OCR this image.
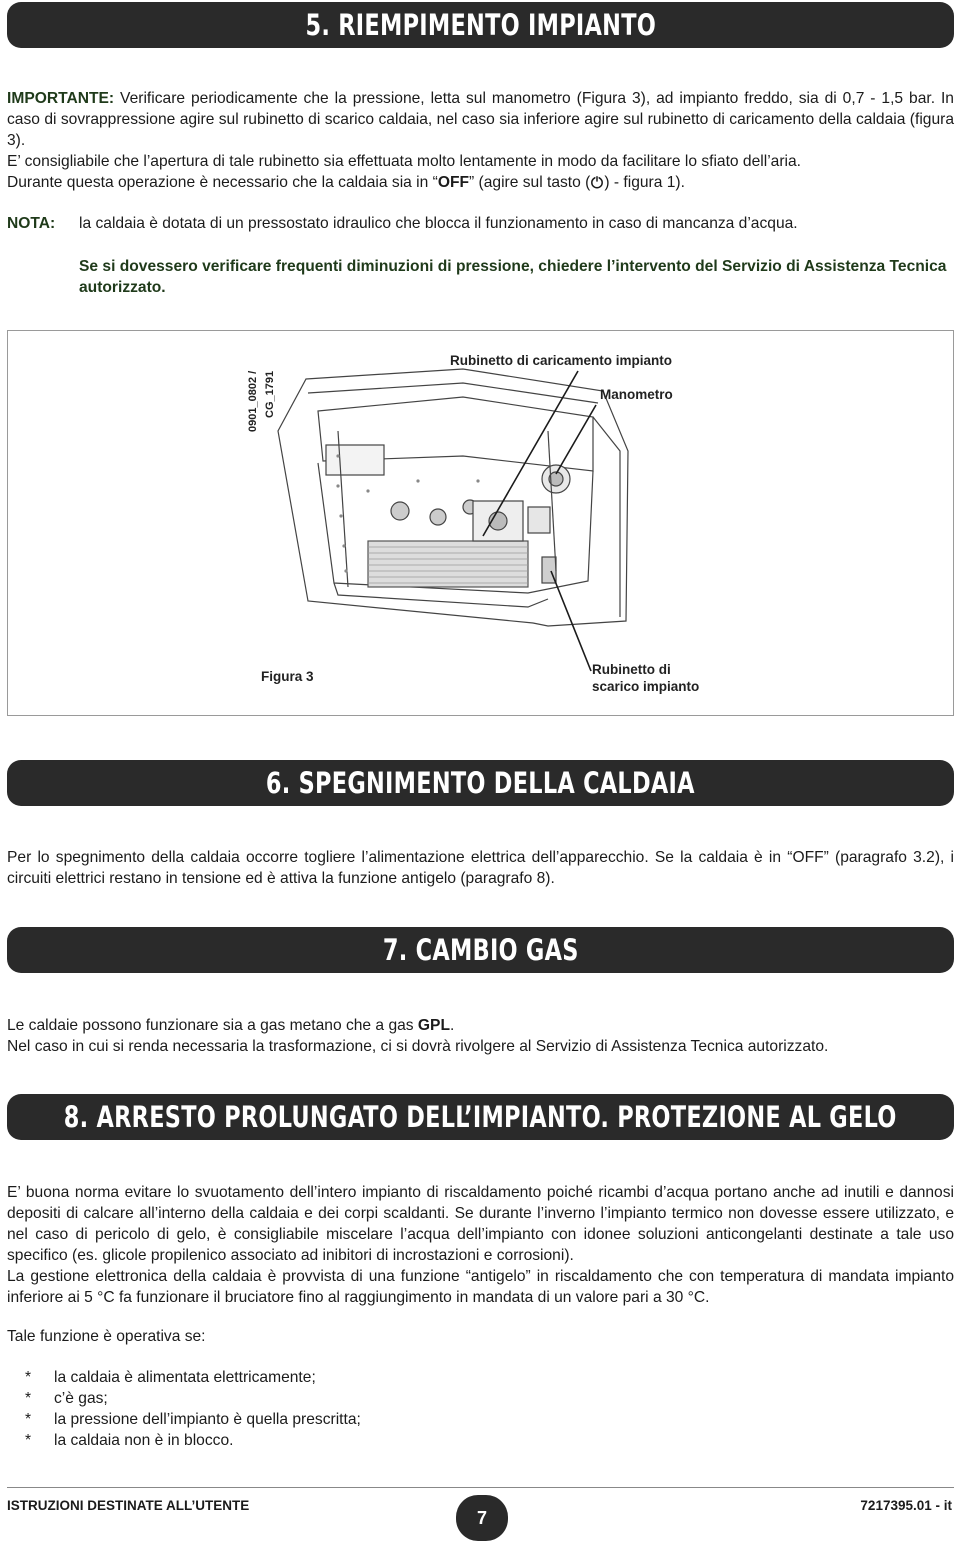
5. RIEMPIMENTO IMPIANTO

IMPORTANTE: Verificare periodicamente che la pressione, letta sul manometro (Figura 3), ad impianto freddo, sia di 0,7 - 1,5 bar. In caso di sovrappressione agire sul rubinetto di scarico caldaia, nel caso sia inferiore agire sul rubinetto di caricamento della caldaia (figura 3).

E’ consigliabile che l’apertura di tale rubinetto sia effettuata molto lentamente in modo da facilitare lo sfiato dell’aria.

Durante questa operazione è necessario che la caldaia sia in “OFF” (agire sul tasto ( ) - figura 1).

NOTA: la caldaia è dotata di un pressostato idraulico che blocca il funzionamento in caso di mancanza d’acqua.
Se si dovessero verificare frequenti diminuzioni di pressione, chiedere l’intervento del Servizio di Assistenza Tecnica autorizzato.
0901_0802 / CG_1791
Rubinetto di caricamento impianto
Manometro
Figura 3	Rubinetto di
scarico impianto
6. SPEGNIMENTO DELLA CALDAIA

Per lo spegnimento della caldaia occorre togliere l’alimentazione elettrica dell’apparecchio. Se la caldaia è in “OFF” (paragrafo 3.2), i circuiti elettrici restano in tensione ed è attiva la funzione antigelo (paragrafo 8).

7. CAMBIO GAS

Le caldaie possono funzionare sia a gas metano che a gas GPL.

Nel caso in cui si renda necessaria la trasformazione, ci si dovrà rivolgere al Servizio di Assistenza Tecnica autorizzato.

8. ARRESTO PROLUNGATO DELL’IMPIANTO. PROTEZIONE AL GELO

E’ buona norma evitare lo svuotamento dell’intero impianto di riscaldamento poiché ricambi d’acqua portano anche ad inutili e dannosi depositi di calcare all’interno della caldaia e dei corpi scaldanti. Se durante l’inverno l’impianto termico non dovesse essere utilizzato, e nel caso di pericolo di gelo, è consigliabile miscelare l’acqua dell’impianto con idonee soluzioni anticongelanti destinate a tale uso specifico (es. glicole propilenico associato ad inibitori di incrostazioni e corrosioni).

La gestione elettronica della caldaia è provvista di una funzione “antigelo” in riscaldamento che con temperatura di mandata impianto inferiore ai 5 °C fa funzionare il bruciatore fino al raggiungimento in mandata di un valore pari a 30 °C.

Tale funzione è operativa se:
*	la caldaia è alimentata elettricamente;
*	c’è gas;
*	la pressione dell’impianto è quella prescritta;
*	la caldaia non è in blocco.
ISTRUZIONI DESTINATE ALL’UTENTE
7
7217395.01 - it
